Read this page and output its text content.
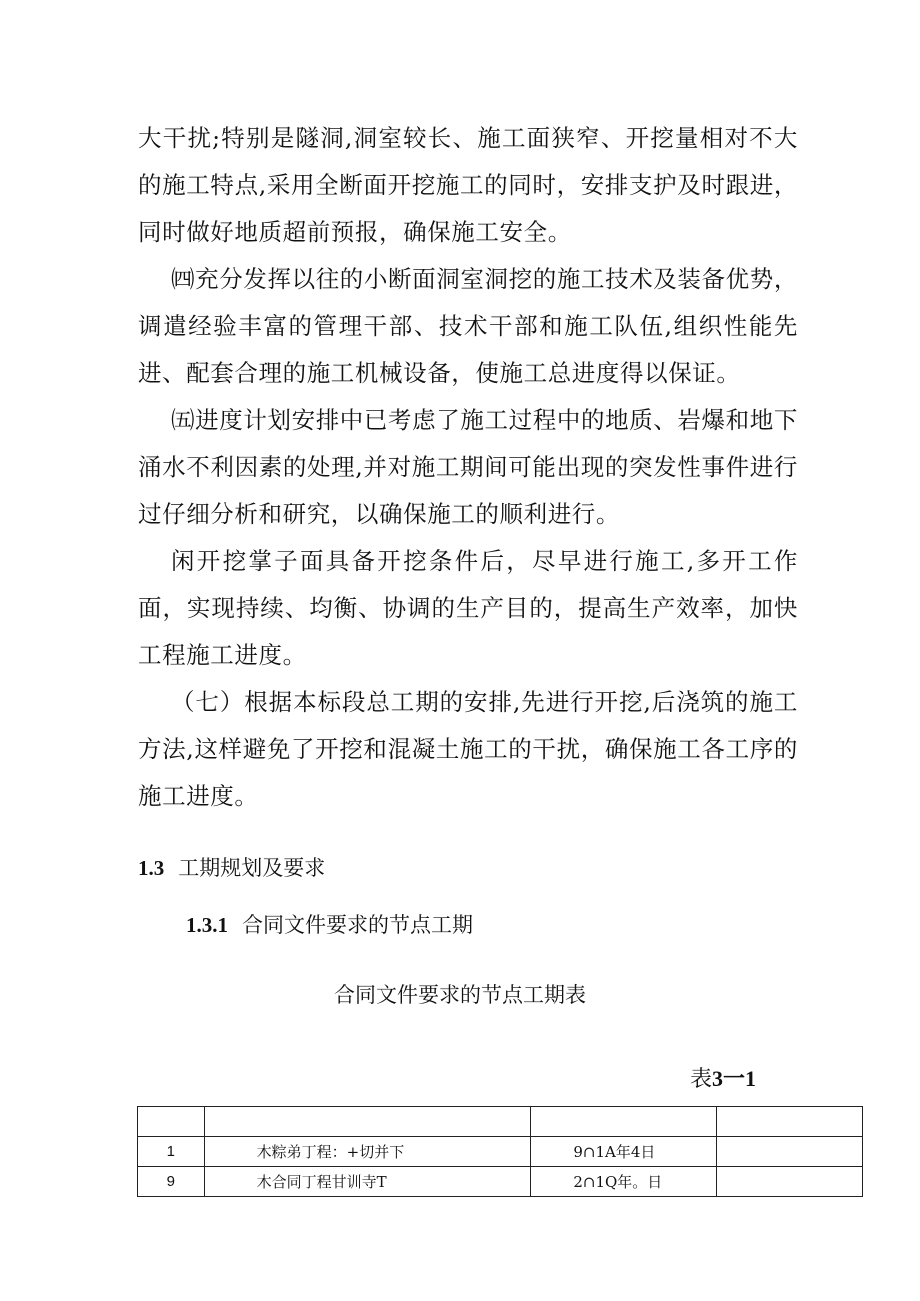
大干扰;特别是隧洞,洞室较长、施工面狭窄、开挖量相对不大的施工特点,采用全断面开挖施工的同时，安排支护及时跟进，同时做好地质超前预报，确保施工安全。

㈣充分发挥以往的小断面洞室洞挖的施工技术及装备优势，调遣经验丰富的管理干部、技术干部和施工队伍,组织性能先进、配套合理的施工机械设备，使施工总进度得以保证。

㈤进度计划安排中已考虑了施工过程中的地质、岩爆和地下涌水不利因素的处理,并对施工期间可能出现的突发性事件进行过仔细分析和研究，以确保施工的顺利进行。

闲开挖掌子面具备开挖条件后，尽早进行施工,多开工作面，实现持续、均衡、协调的生产目的，提高生产效率，加快工程施工进度。

（七）根据本标段总工期的安排,先进行开挖,后浇筑的施工方法,这样避免了开挖和混凝土施工的干扰，确保施工各工序的施工进度。

1.3 工期规划及要求
1.3.1 合同文件要求的节点工期
合同文件要求的节点工期表
表3一1

1	木粽弟丁程：+切并下	9∩1A年4日	
9	木合同丁程甘训寺T	2∩1Q年。日	
